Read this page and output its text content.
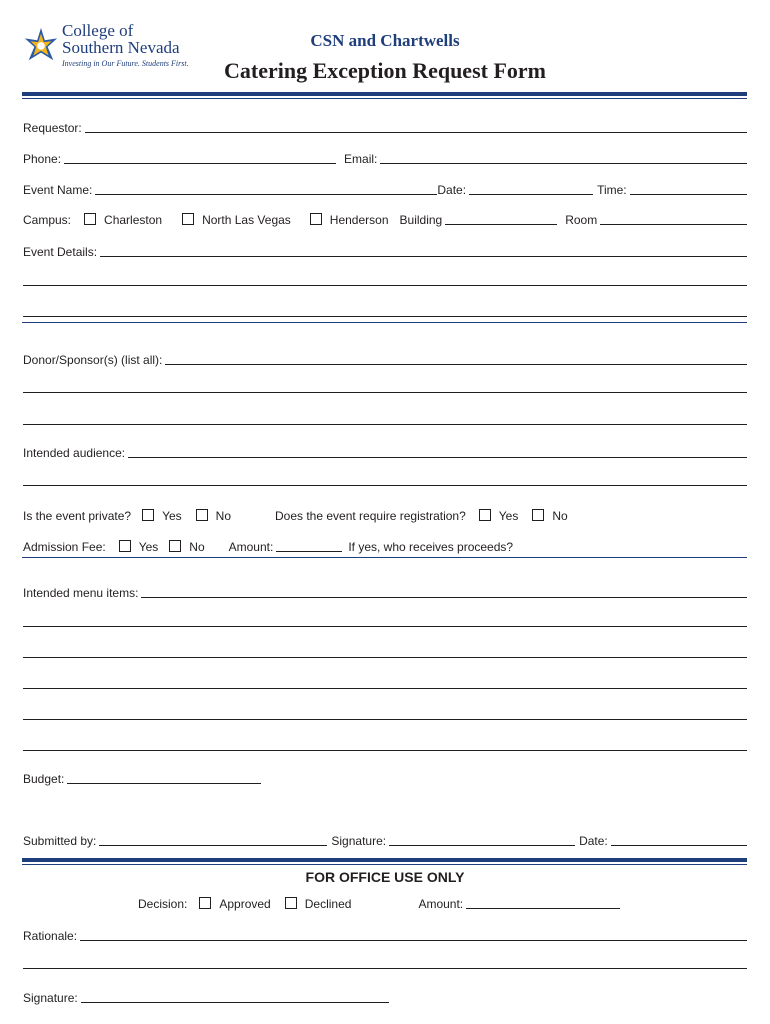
College of
Southern Nevada
Investing in Our Future. Students First.
CSN and Chartwells
Catering Exception Request Form
Requestor:
Phone:	Email:
Event Name:	Date:	Time:
Campus:	Charleston	North Las Vegas	Henderson Building	Room
Event Details:
Donor/Sponsor(s) (list all):
Intended audience:
Is the event private?	Yes	No	Does the event require registration?	Yes	No
Admission Fee:	Yes	No Amount:	If yes, who receives proceeds?
Intended menu items:
Budget:
Submitted by:	Signature:	Date:
FOR OFFICE USE ONLY
Decision:	Approved	Declined	Amount:
Rationale:
Signature:
